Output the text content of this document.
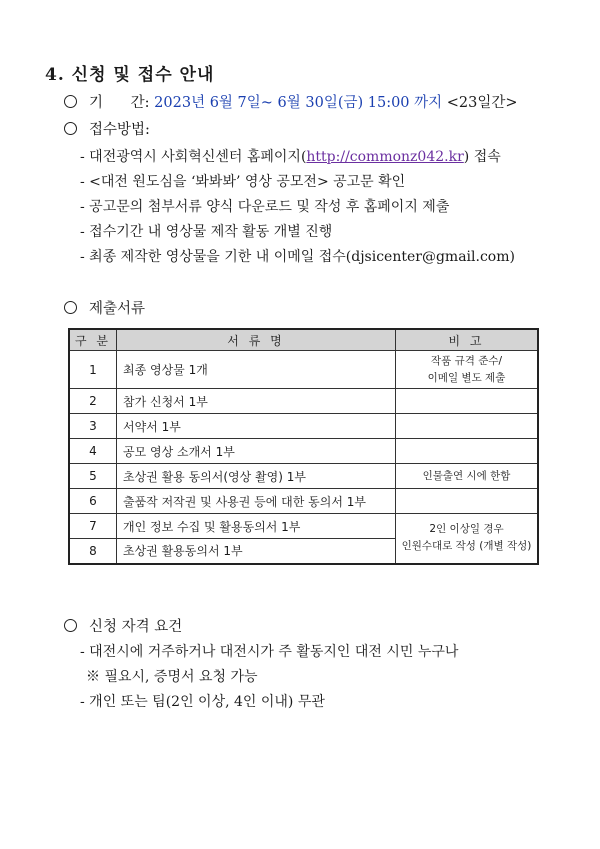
4. 신청 및 접수 안내
기      간: 2023년 6월 7일~ 6월 30일(금) 15:00 까지 <23일간>
접수방법:
- 대전광역시 사회혁신센터 홈페이지(http://commonz042.kr) 접속
- <대전 원도심을 ‘봐봐봐’ 영상 공모전> 공고문 확인
- 공고문의 첨부서류 양식 다운로드 및 작성 후 홈페이지 제출
- 접수기간 내 영상물 제작 활동 개별 진행
- 최종 제작한 영상물을 기한 내 이메일 접수(djsicenter@gmail.com)
제출서류
구 분	서 류 명	비 고
1	최종 영상물 1개	작품 규격 준수/
이메일 별도 제출
2	참가 신청서 1부	
3	서약서 1부	
4	공모 영상 소개서 1부	
5	초상권 활용 동의서(영상 촬영) 1부	인물출연 시에 한함
6	출품작 저작권 및 사용권 등에 대한 동의서 1부	
7	개인 정보 수집 및 활용동의서 1부	2인 이상일 경우
인원수대로 작성 (개별 작성)
8	초상권 활용동의서 1부	
신청 자격 요건
- 대전시에 거주하거나 대전시가 주 활동지인 대전 시민 누구나
※ 필요시, 증명서 요청 가능
- 개인 또는 팀(2인 이상, 4인 이내) 무관
